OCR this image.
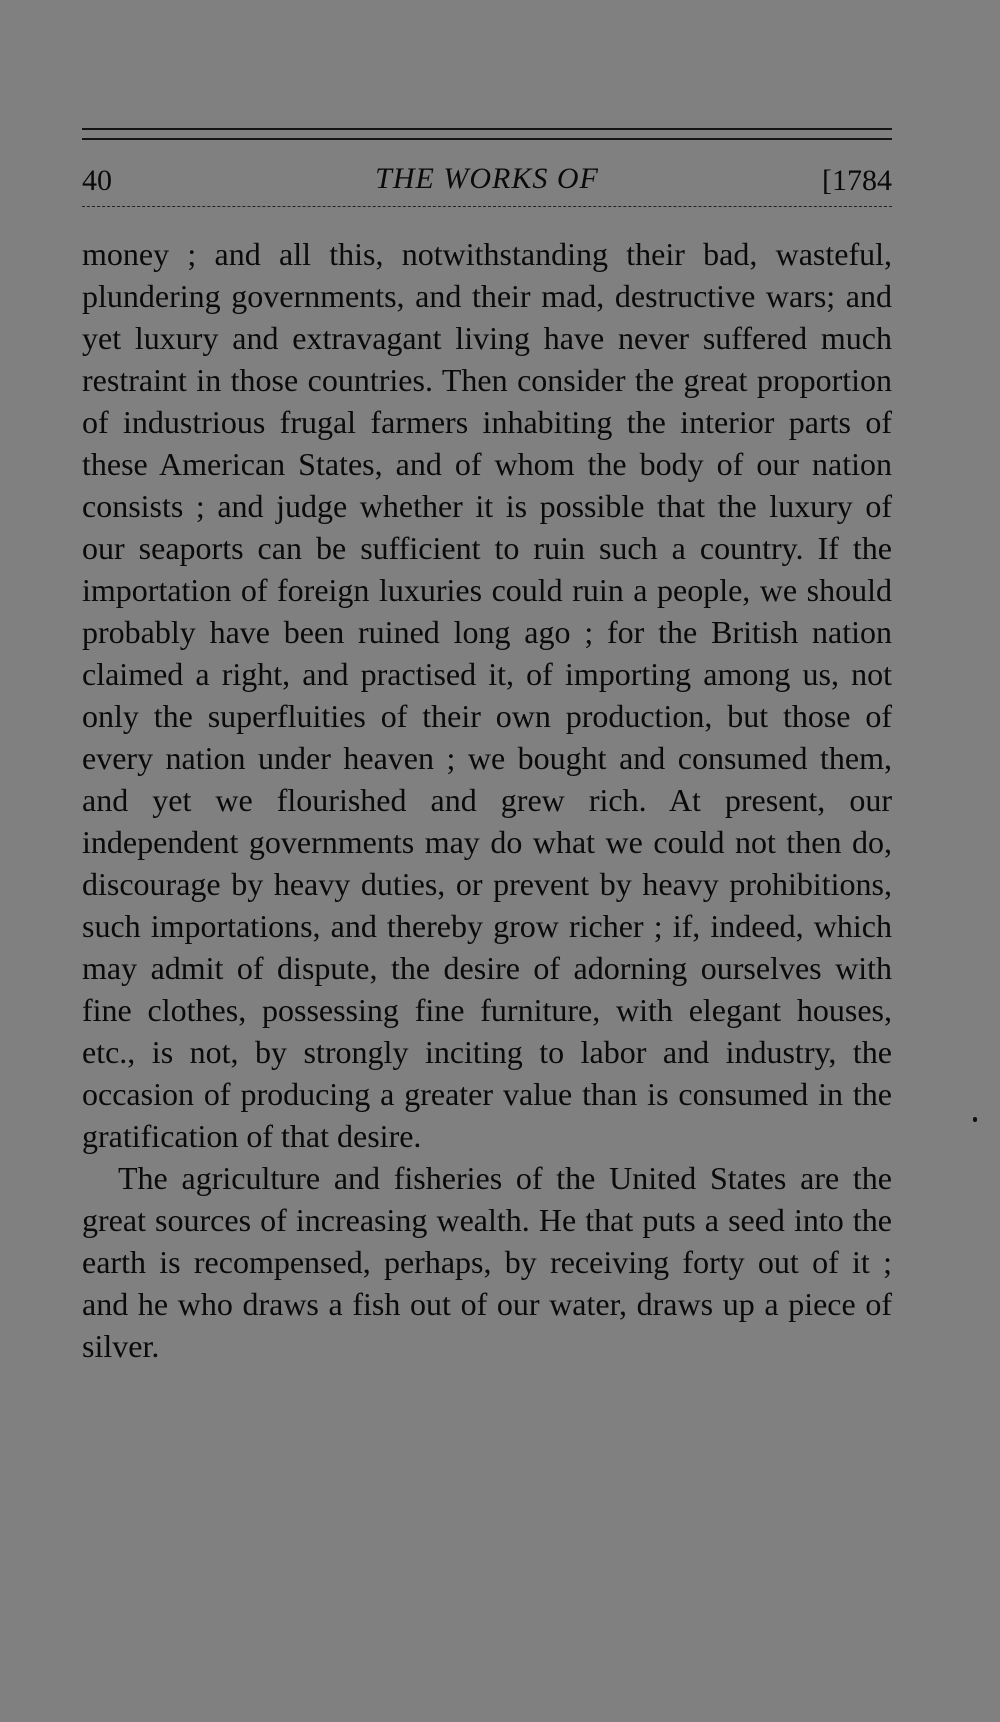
40	THE WORKS OF	[1784

money ; and all this, notwithstanding their bad, wasteful, plundering governments, and their mad, destructive wars; and yet luxury and extravagant living have never suffered much restraint in those countries. Then consider the great proportion of industrious frugal farmers inhabiting the interior parts of these American States, and of whom the body of our nation consists ; and judge whether it is possible that the luxury of our seaports can be sufficient to ruin such a country. If the importation of foreign luxuries could ruin a people, we should probably have been ruined long ago ; for the British nation claimed a right, and practised it, of importing among us, not only the superfluities of their own production, but those of every nation under heaven ; we bought and consumed them, and yet we flourished and grew rich. At present, our independent governments may do what we could not then do, discourage by heavy duties, or prevent by heavy prohibitions, such importations, and thereby grow richer ; if, indeed, which may admit of dispute, the desire of adorning ourselves with fine clothes, possessing fine furniture, with elegant houses, etc., is not, by strongly inciting to labor and industry, the occasion of producing a greater value than is consumed in the gratification of that desire.

The agriculture and fisheries of the United States are the great sources of increasing wealth. He that puts a seed into the earth is recompensed, perhaps, by receiving forty out of it ; and he who draws a fish out of our water, draws up a piece of silver.
